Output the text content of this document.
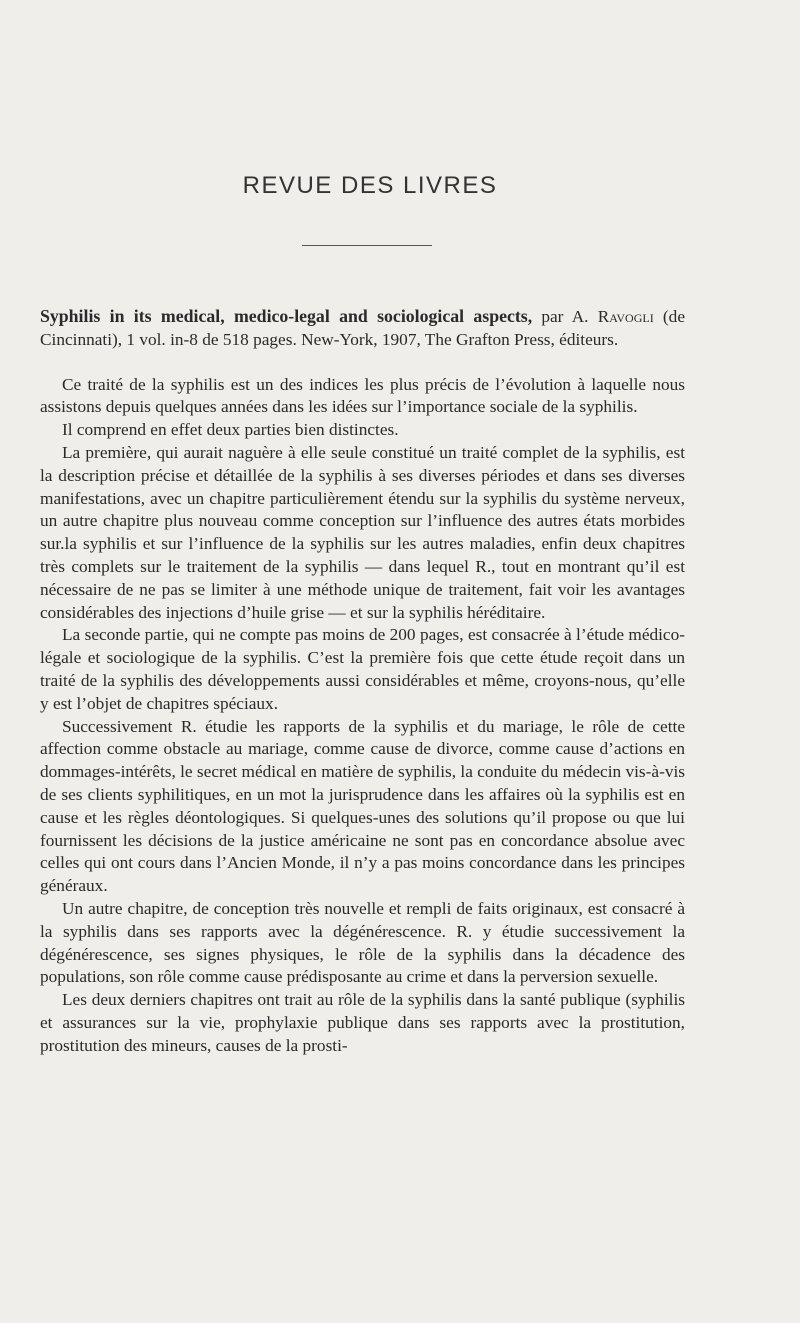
REVUE DES LIVRES

Syphilis in its medical, medico-legal and sociological aspects, par A. Ravogli (de Cincinnati), 1 vol. in-8 de 518 pages. New-York, 1907, The Grafton Press, éditeurs.

Ce traité de la syphilis est un des indices les plus précis de l’évolution à laquelle nous assistons depuis quelques années dans les idées sur l’importance sociale de la syphilis.

Il comprend en effet deux parties bien distinctes.

La première, qui aurait naguère à elle seule constitué un traité complet de la syphilis, est la description précise et détaillée de la syphilis à ses diverses périodes et dans ses diverses manifestations, avec un chapitre particulièrement étendu sur la syphilis du système nerveux, un autre chapitre plus nouveau comme conception sur l’influence des autres états morbides sur.la syphilis et sur l’influence de la syphilis sur les autres maladies, enfin deux chapitres très complets sur le traitement de la syphilis — dans lequel R., tout en montrant qu’il est nécessaire de ne pas se limiter à une méthode unique de traitement, fait voir les avantages considérables des injections d’huile grise — et sur la syphilis héréditaire.

La seconde partie, qui ne compte pas moins de 200 pages, est consacrée à l’étude médico-légale et sociologique de la syphilis. C’est la première fois que cette étude reçoit dans un traité de la syphilis des développements aussi considérables et même, croyons-nous, qu’elle y est l’objet de chapitres spéciaux.

Successivement R. étudie les rapports de la syphilis et du mariage, le rôle de cette affection comme obstacle au mariage, comme cause de divorce, comme cause d’actions en dommages-intérêts, le secret médical en matière de syphilis, la conduite du médecin vis-à-vis de ses clients syphilitiques, en un mot la jurisprudence dans les affaires où la syphilis est en cause et les règles déontologiques. Si quelques-unes des solutions qu’il propose ou que lui fournissent les décisions de la justice américaine ne sont pas en concordance absolue avec celles qui ont cours dans l’Ancien Monde, il n’y a pas moins concordance dans les principes généraux.

Un autre chapitre, de conception très nouvelle et rempli de faits originaux, est consacré à la syphilis dans ses rapports avec la dégénérescence. R. y étudie successivement la dégénérescence, ses signes physiques, le rôle de la syphilis dans la décadence des populations, son rôle comme cause prédisposante au crime et dans la perversion sexuelle.

Les deux derniers chapitres ont trait au rôle de la syphilis dans la santé publique (syphilis et assurances sur la vie, prophylaxie publique dans ses rapports avec la prostitution, prostitution des mineurs, causes de la prosti-
